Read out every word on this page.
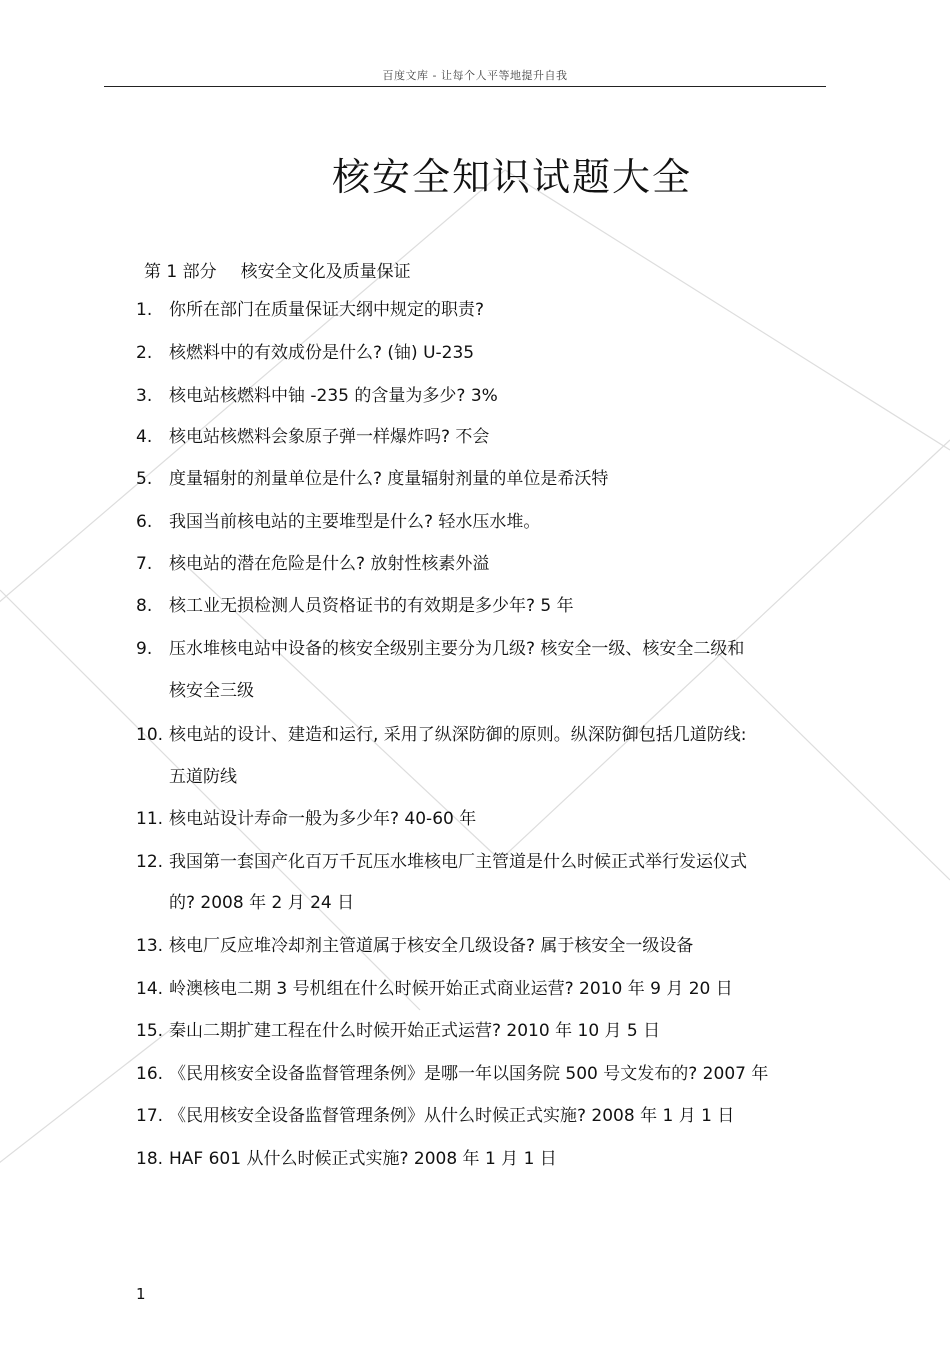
百度文库 - 让每个人平等地提升自我
核安全知识试题大全
第 1 部分 核安全文化及质量保证
1. 你所在部门在质量保证大纲中规定的职责?
2. 核燃料中的有效成份是什么? (铀) U-235
3. 核电站核燃料中铀 -235 的含量为多少? 3%
4. 核电站核燃料会象原子弹一样爆炸吗? 不会
5. 度量辐射的剂量单位是什么? 度量辐射剂量的单位是希沃特
6. 我国当前核电站的主要堆型是什么? 轻水压水堆。
7. 核电站的潜在危险是什么? 放射性核素外溢
8. 核工业无损检测人员资格证书的有效期是多少年? 5 年
9. 压水堆核电站中设备的核安全级别主要分为几级? 核安全一级、核安全二级和
核安全三级
10. 核电站的设计、建造和运行, 采用了纵深防御的原则。纵深防御包括几道防线:
五道防线
11. 核电站设计寿命一般为多少年? 40-60 年
12. 我国第一套国产化百万千瓦压水堆核电厂主管道是什么时候正式举行发运仪式
的? 2008 年 2 月 24 日
13. 核电厂反应堆冷却剂主管道属于核安全几级设备? 属于核安全一级设备
14. 岭澳核电二期 3 号机组在什么时候开始正式商业运营? 2010 年 9 月 20 日
15. 秦山二期扩建工程在什么时候开始正式运营? 2010 年 10 月 5 日
16. 《民用核安全设备监督管理条例》是哪一年以国务院 500 号文发布的? 2007 年
17. 《民用核安全设备监督管理条例》从什么时候正式实施? 2008 年 1 月 1 日
18. HAF 601 从什么时候正式实施? 2008 年 1 月 1 日
1
